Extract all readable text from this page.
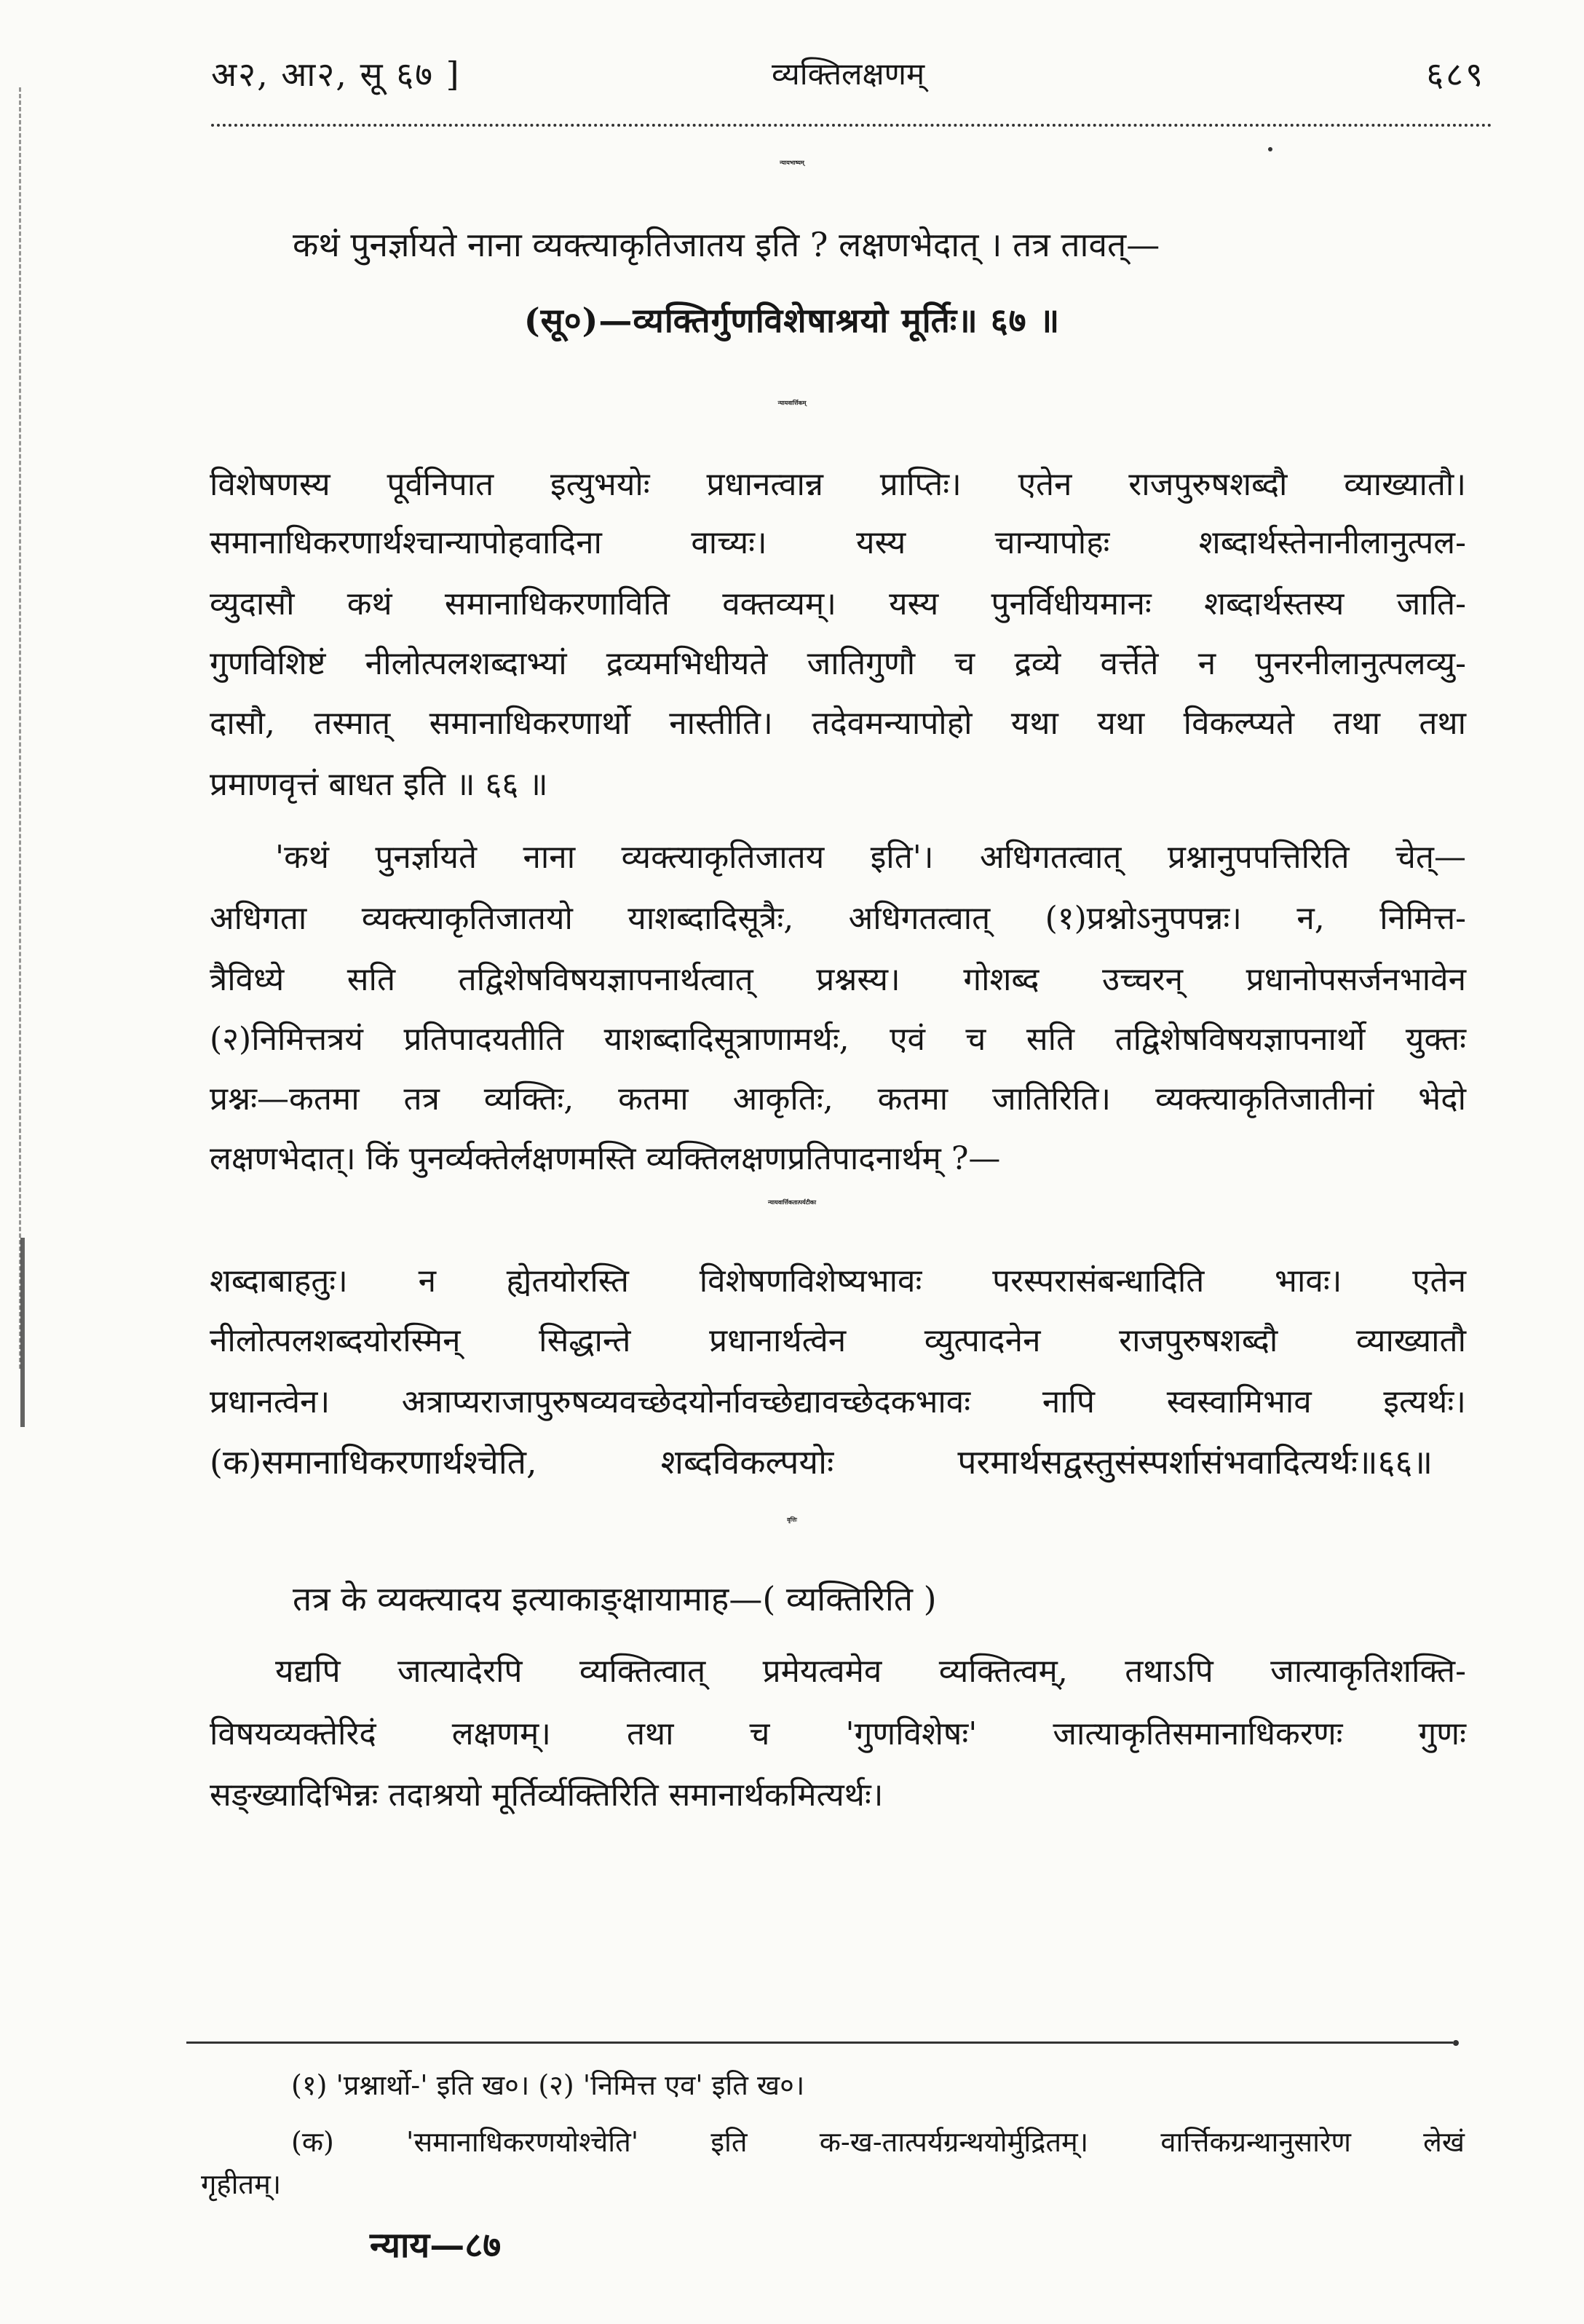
अ२, आ२, सू ६७ ]	व्यक्तिलक्षणम्	६८९
न्यायभाष्यम्
कथं पुनर्ज्ञायते नाना व्यक्त्याकृतिजातय इति ? लक्षणभेदात् । तत्र तावत्—
(सू०)—व्यक्तिर्गुणविशेषाश्रयो मूर्तिः॥ ६७ ॥
न्यायवार्त्तिकम्
विशेषणस्य पूर्वनिपात इत्युभयोः प्रधानत्वान्न प्राप्तिः। एतेन राजपुरुषशब्दौ व्याख्यातौ।
समानाधिकरणार्थश्चान्यापोहवादिना वाच्यः। यस्य चान्यापोहः शब्दार्थस्तेनानीलानुत्पल-
व्युदासौ कथं समानाधिकरणाविति वक्तव्यम्। यस्य पुनर्विधीयमानः शब्दार्थस्तस्य जाति-
गुणविशिष्टं नीलोत्पलशब्दाभ्यां द्रव्यमभिधीयते जातिगुणौ च द्रव्ये वर्त्तेते न पुनरनीलानुत्पलव्यु-
दासौ, तस्मात् समानाधिकरणार्थो नास्तीति। तदेवमन्यापोहो यथा यथा विकल्प्यते तथा तथा
प्रमाणवृत्तं बाधत इति ॥ ६६ ॥
'कथं पुनर्ज्ञायते नाना व्यक्त्याकृतिजातय इति'। अधिगतत्वात् प्रश्नानुपपत्तिरिति चेत्—
अधिगता व्यक्त्याकृतिजातयो याशब्दादिसूत्रैः, अधिगतत्वात् (१)प्रश्नोऽनुपपन्नः। न, निमित्त-
त्रैविध्ये सति तद्विशेषविषयज्ञापनार्थत्वात् प्रश्नस्य। गोशब्द उच्चरन् प्रधानोपसर्जनभावेन
(२)निमित्तत्रयं प्रतिपादयतीति याशब्दादिसूत्राणामर्थः, एवं च सति तद्विशेषविषयज्ञापनार्थो युक्तः
प्रश्नः—कतमा तत्र व्यक्तिः, कतमा आकृतिः, कतमा जातिरिति। व्यक्त्याकृतिजातीनां भेदो
लक्षणभेदात्। किं पुनर्व्यक्तेर्लक्षणमस्ति व्यक्तिलक्षणप्रतिपादनार्थम् ?—
न्यायवार्त्तिकतात्पर्यटीका
शब्दाबाहतुः। न ह्येतयोरस्ति विशेषणविशेष्यभावः परस्परासंबन्धादिति भावः। एतेन
नीलोत्पलशब्दयोरस्मिन् सिद्धान्ते प्रधानार्थत्वेन व्युत्पादनेन राजपुरुषशब्दौ व्याख्यातौ
प्रधानत्वेन। अत्राप्यराजापुरुषव्यवच्छेदयोर्नावच्छेद्यावच्छेदकभावः नापि स्वस्वामिभाव इत्यर्थः।
(क)समानाधिकरणार्थश्चेति, शब्दविकल्पयोः परमार्थसद्वस्तुसंस्पर्शासंभवादित्यर्थः॥६६॥
वृत्तिः
तत्र के व्यक्त्यादय इत्याकाङ्क्षायामाह—( व्यक्तिरिति )
यद्यपि जात्यादेरपि व्यक्तित्वात् प्रमेयत्वमेव व्यक्तित्वम्, तथाऽपि जात्याकृतिशक्ति-
विषयव्यक्तेरिदं लक्षणम्। तथा च 'गुणविशेषः' जात्याकृतिसमानाधिकरणः गुणः
सङ्ख्यादिभिन्नः तदाश्रयो मूर्तिर्व्यक्तिरिति समानार्थकमित्यर्थः।
(१) 'प्रश्नार्थो-' इति ख०। (२) 'निमित्त एव' इति ख०।
(क) 'समानाधिकरणयोश्चेति' इति क-ख-तात्पर्यग्रन्थयोर्मुद्रितम्। वार्त्तिकग्रन्थानुसारेण लेखं
गृहीतम्।
न्याय—८७
